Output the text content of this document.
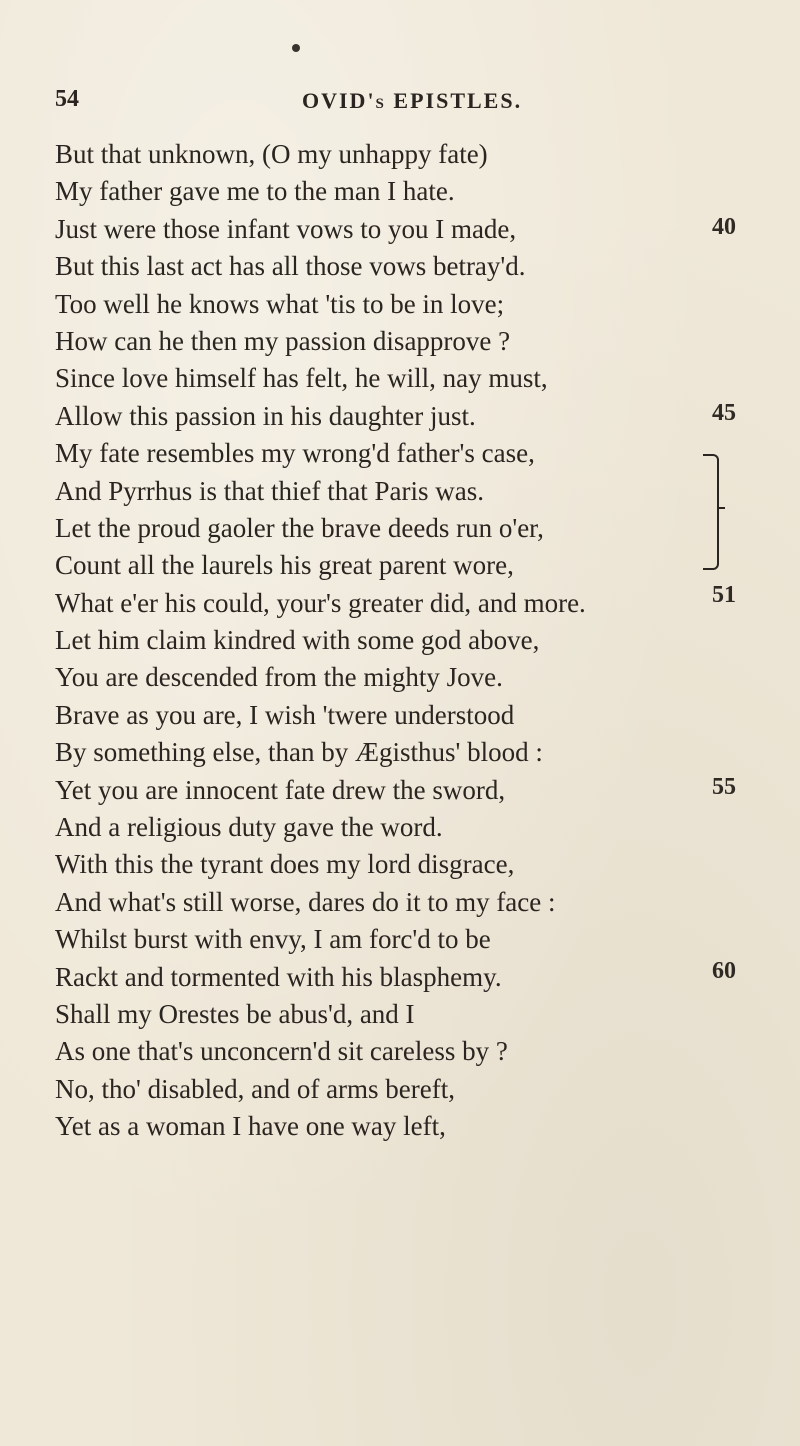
54	OVID's EPISTLES.
But that unknown, (O my unhappy fate)
My father gave me to the man I hate.
Just were those infant vows to you I made,
But this last act has all those vows betray'd.
Too well he knows what 'tis to be in love;
How can he then my passion disapprove ?
Since love himself has felt, he will, nay must,
Allow this passion in his daughter just.
My fate resembles my wrong'd father's case,
And Pyrrhus is that thief that Paris was.
Let the proud gaoler the brave deeds run o'er,
Count all the laurels his great parent wore,
What e'er his could, your's greater did, and more.
Let him claim kindred with some god above,
You are descended from the mighty Jove.
Brave as you are, I wish 'twere understood
By something else, than by Ægisthus' blood :
Yet you are innocent fate drew the sword,
And a religious duty gave the word.
With this the tyrant does my lord disgrace,
And what's still worse, dares do it to my face :
Whilst burst with envy, I am forc'd to be
Rackt and tormented with his blasphemy.
Shall my Orestes be abus'd, and I
As one that's unconcern'd sit careless by ?
No, tho' disabled, and of arms bereft,
Yet as a woman I have one way left,
40
45
51
55
60
